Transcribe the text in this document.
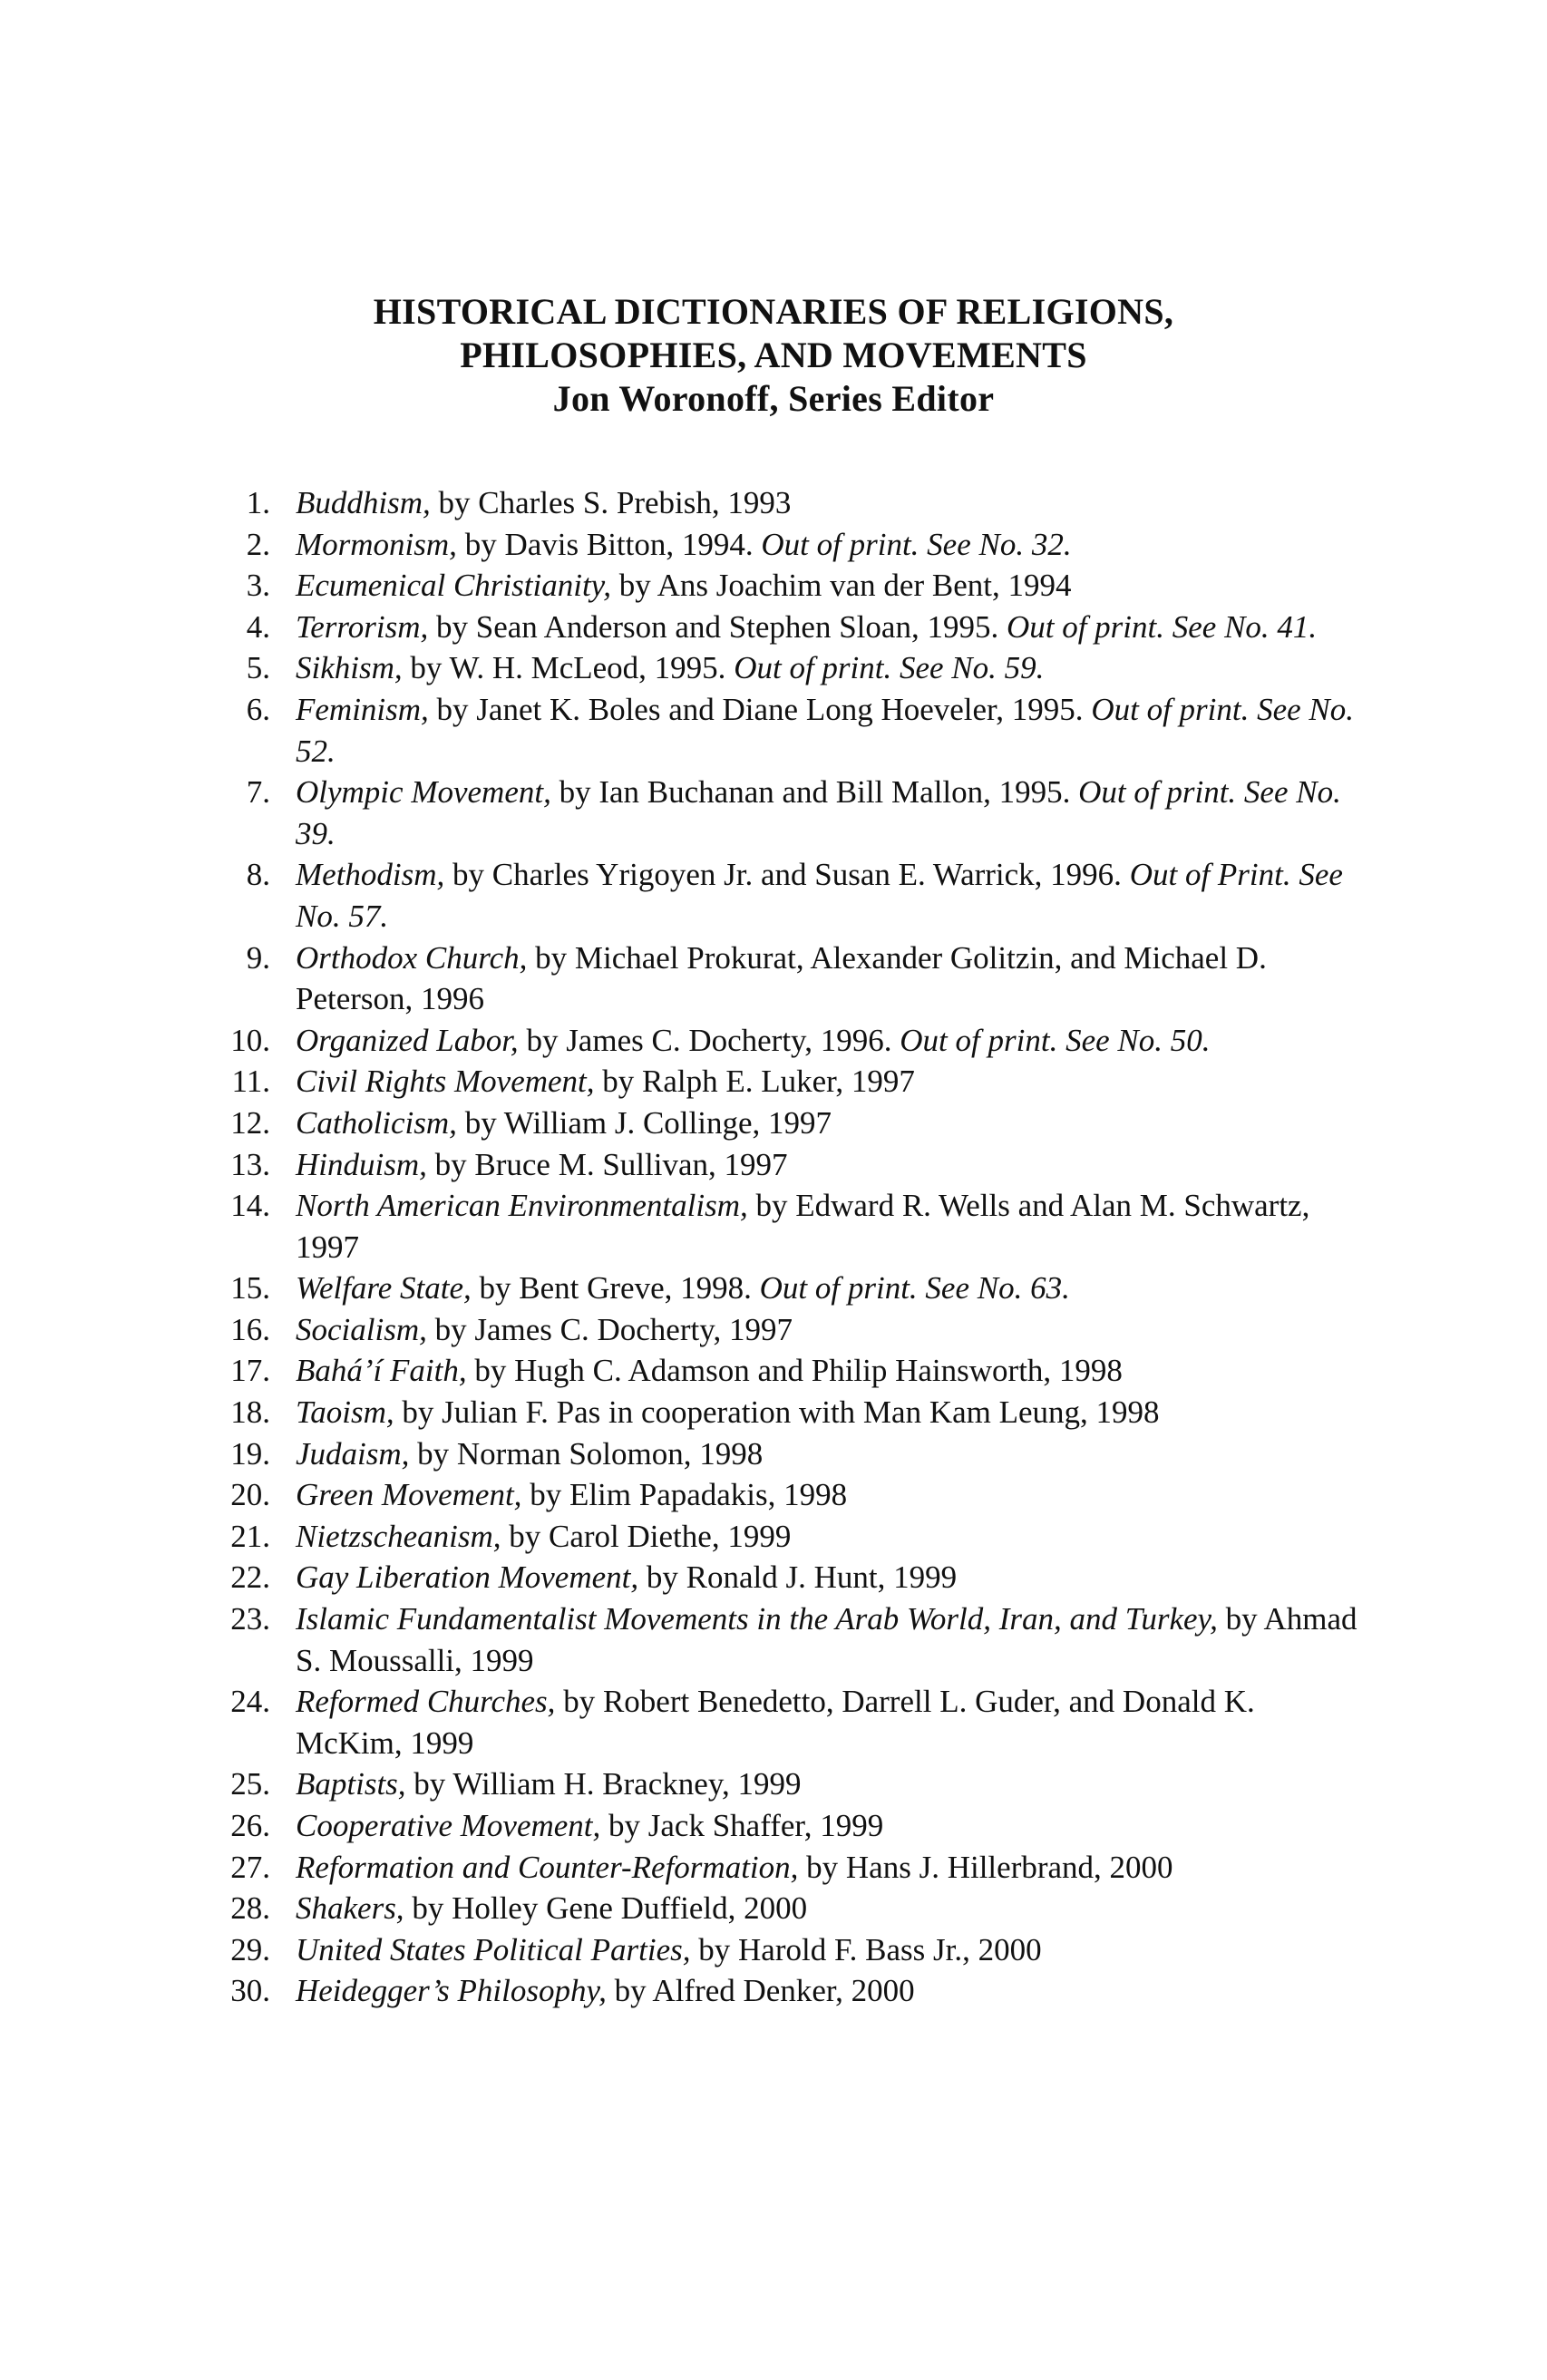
HISTORICAL DICTIONARIES OF RELIGIONS,
PHILOSOPHIES, AND MOVEMENTS
Jon Woronoff, Series Editor
1. Buddhism, by Charles S. Prebish, 1993
2. Mormonism, by Davis Bitton, 1994. Out of print. See No. 32.
3. Ecumenical Christianity, by Ans Joachim van der Bent, 1994
4. Terrorism, by Sean Anderson and Stephen Sloan, 1995. Out of print. See No. 41.
5. Sikhism, by W. H. McLeod, 1995. Out of print. See No. 59.
6. Feminism, by Janet K. Boles and Diane Long Hoeveler, 1995. Out of print. See No. 52.
7. Olympic Movement, by Ian Buchanan and Bill Mallon, 1995. Out of print. See No. 39.
8. Methodism, by Charles Yrigoyen Jr. and Susan E. Warrick, 1996. Out of Print. See No. 57.
9. Orthodox Church, by Michael Prokurat, Alexander Golitzin, and Michael D. Peterson, 1996
10. Organized Labor, by James C. Docherty, 1996. Out of print. See No. 50.
11. Civil Rights Movement, by Ralph E. Luker, 1997
12. Catholicism, by William J. Collinge, 1997
13. Hinduism, by Bruce M. Sullivan, 1997
14. North American Environmentalism, by Edward R. Wells and Alan M. Schwartz, 1997
15. Welfare State, by Bent Greve, 1998. Out of print. See No. 63.
16. Socialism, by James C. Docherty, 1997
17. Bahá’í Faith, by Hugh C. Adamson and Philip Hainsworth, 1998
18. Taoism, by Julian F. Pas in cooperation with Man Kam Leung, 1998
19. Judaism, by Norman Solomon, 1998
20. Green Movement, by Elim Papadakis, 1998
21. Nietzscheanism, by Carol Diethe, 1999
22. Gay Liberation Movement, by Ronald J. Hunt, 1999
23. Islamic Fundamentalist Movements in the Arab World, Iran, and Turkey, by Ahmad S. Moussalli, 1999
24. Reformed Churches, by Robert Benedetto, Darrell L. Guder, and Donald K. McKim, 1999
25. Baptists, by William H. Brackney, 1999
26. Cooperative Movement, by Jack Shaffer, 1999
27. Reformation and Counter-Reformation, by Hans J. Hillerbrand, 2000
28. Shakers, by Holley Gene Duffield, 2000
29. United States Political Parties, by Harold F. Bass Jr., 2000
30. Heidegger’s Philosophy, by Alfred Denker, 2000
